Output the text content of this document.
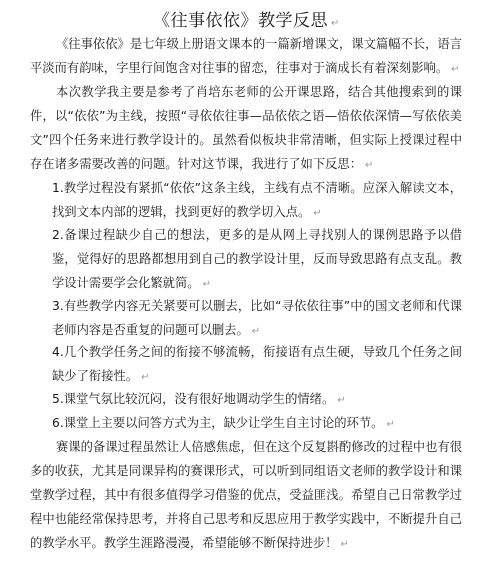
《往事依依》教学反思 ↵

《往事依依》是七年级上册语文课本的一篇新增课文，课文篇幅不长，语言平淡而有韵味，字里行间饱含对往事的留恋，往事对于滴成长有着深刻影响。 ↵

本次教学我主要是参考了肖培东老师的公开课思路，结合其他搜索到的课件，以“依依”为主线，按照“寻依依往事—品依依之语—悟依依深情—写依依美文”四个任务来进行教学设计的。虽然看似板块非常清晰，但实际上授课过程中存在诸多需要改善的问题。针对这节课，我进行了如下反思： ↵

1.教学过程没有紧抓“依依”这条主线，主线有点不清晰。应深入解读文本，找到文本内部的逻辑，找到更好的教学切入点。 ↵

2.备课过程缺少自己的想法，更多的是从网上寻找别人的课例思路予以借鉴，觉得好的思路都想用到自己的教学设计里，反而导致思路有点支乱。教学设计需要学会化繁就简。 ↵

3.有些教学内容无关紧要可以删去，比如“寻依依往事”中的国文老师和代课老师内容是否重复的问题可以删去。 ↵

4.几个教学任务之间的衔接不够流畅，衔接语有点生硬，导致几个任务之间缺少了衔接性。 ↵

5.课堂气氛比较沉闷，没有很好地调动学生的情绪。 ↵

6.课堂上主要以问答方式为主，缺少让学生自主讨论的环节。 ↵

赛课的备课过程虽然让人倍感焦虑，但在这个反复斟酌修改的过程中也有很多的收获，尤其是同课异构的赛课形式，可以听到同组语文老师的教学设计和课堂教学过程，其中有很多值得学习借鉴的优点，受益匪浅。希望自己日常教学过程中也能经常保持思考，并将自己思考和反思应用于教学实践中，不断提升自己的教学水平。教学生涯路漫漫，希望能够不断保持进步！ ↵
